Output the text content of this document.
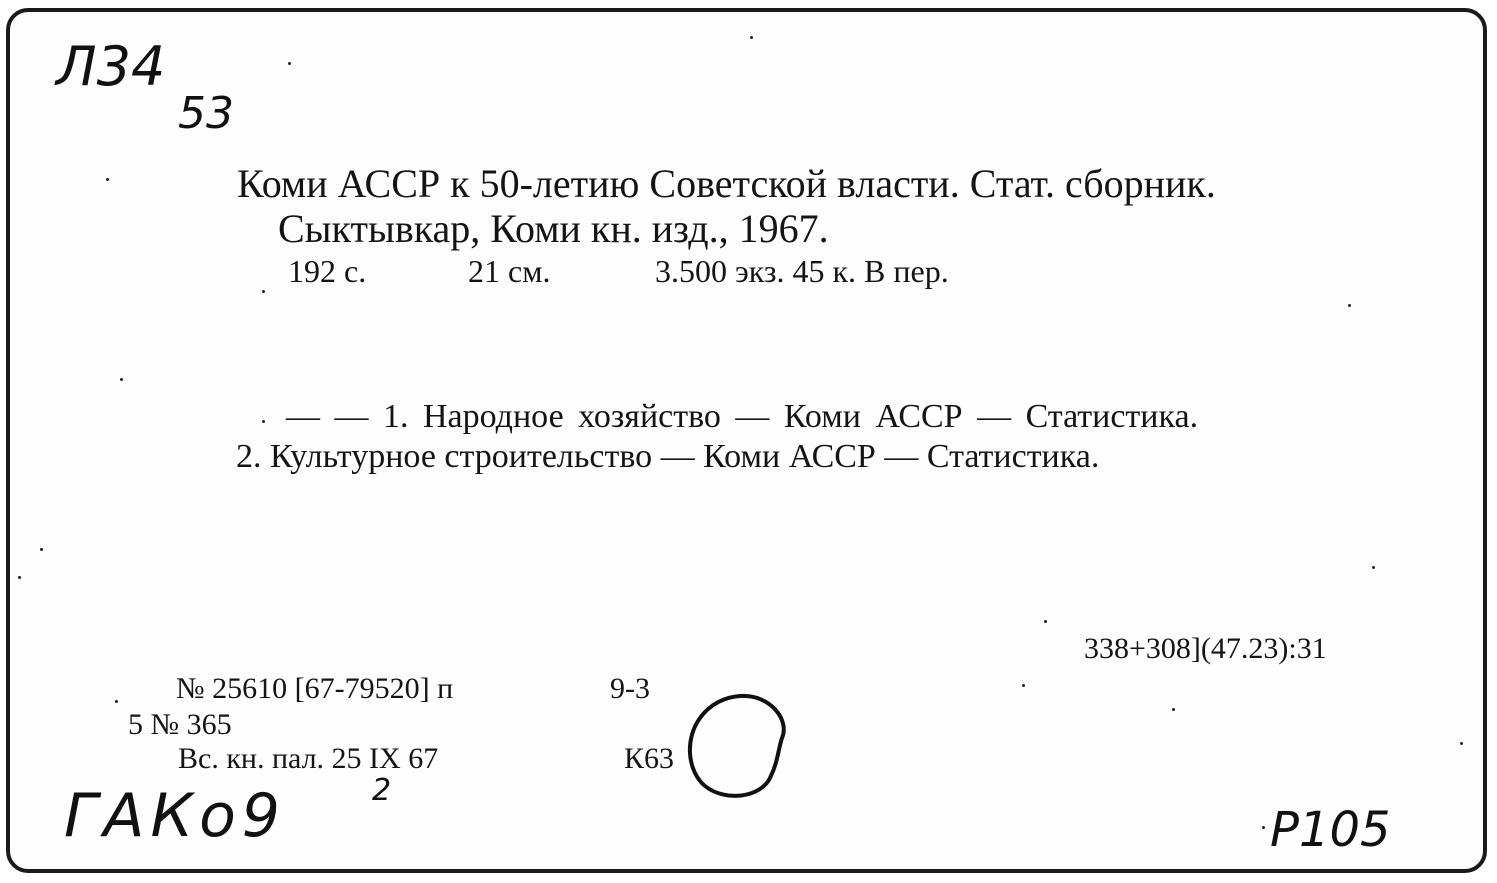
Л34
53
Коми АССР к 50-летию Советской власти. Стат. сборник.
Сыктывкар, Коми кн. изд., 1967.
192 с.	21 см.	3.500 экз. 45 к. В пер.
— — 1. Народное хозяйство — Коми АССР — Статистика.
2. Культурное строительство — Коми АССР — Статистика.
338+308](47.23):31
№ 25610 [67-79520] п	9-3
5 № 365
Вс. кн. пал. 25 IX 67	К63
ГАКо9	2
Р105
